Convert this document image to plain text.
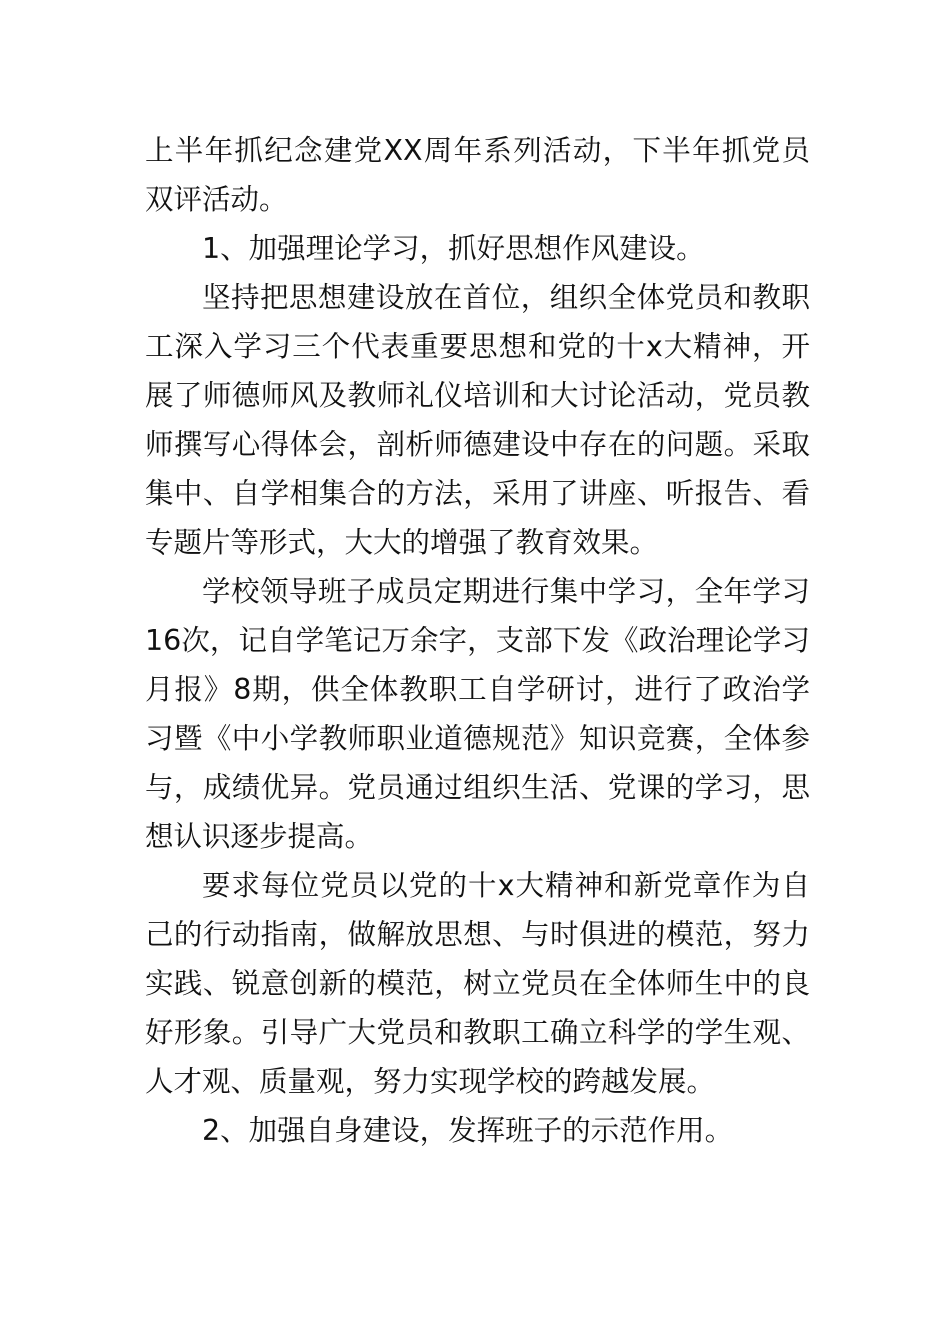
上半年抓纪念建党XX周年系列活动，下半年抓党员双评活动。

1、加强理论学习，抓好思想作风建设。

坚持把思想建设放在首位，组织全体党员和教职工深入学习三个代表重要思想和党的十x大精神，开展了师德师风及教师礼仪培训和大讨论活动，党员教师撰写心得体会，剖析师德建设中存在的问题。采取集中、自学相集合的方法，采用了讲座、听报告、看专题片等形式，大大的增强了教育效果。

学校领导班子成员定期进行集中学习，全年学习16次，记自学笔记万余字，支部下发《政治理论学习月报》8期，供全体教职工自学研讨，进行了政治学习暨《中小学教师职业道德规范》知识竞赛，全体参与，成绩优异。党员通过组织生活、党课的学习，思想认识逐步提高。

要求每位党员以党的十x大精神和新党章作为自己的行动指南，做解放思想、与时俱进的模范，努力实践、锐意创新的模范，树立党员在全体师生中的良好形象。引导广大党员和教职工确立科学的学生观、人才观、质量观，努力实现学校的跨越发展。

2、加强自身建设，发挥班子的示范作用。
